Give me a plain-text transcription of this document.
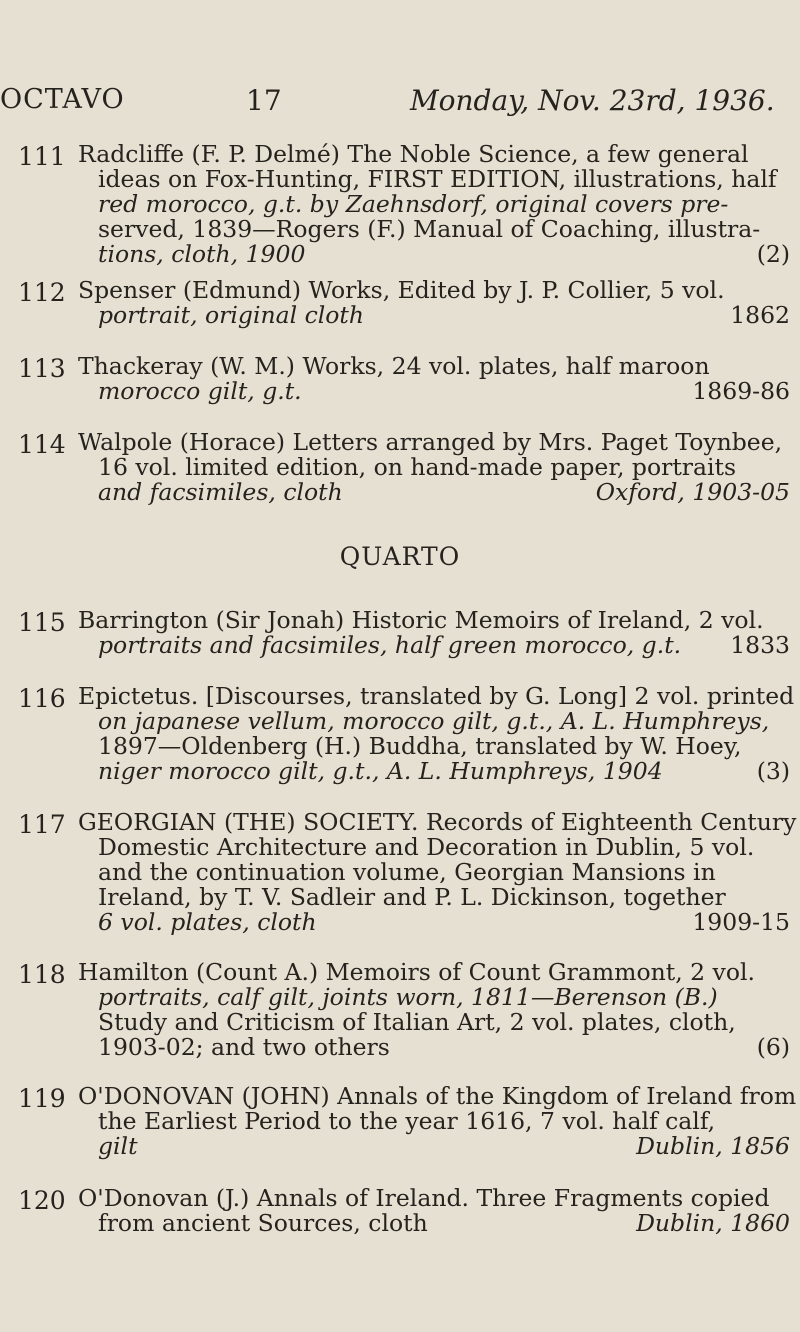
OCTAVO	17	Monday, Nov. 23rd, 1936.
111 Radcliffe (F. P. Delmé) The Noble Science, a few general
ideas on Fox-Hunting, FIRST EDITION, illustrations, half
red morocco, g.t. by Zaehnsdorf, original covers pre-
served, 1839—Rogers (F.) Manual of Coaching, illustra-
tions, cloth, 1900	(2)
112 Spenser (Edmund) Works, Edited by J. P. Collier, 5 vol.
portrait, original cloth	1862
113 Thackeray (W. M.) Works, 24 vol. plates, half maroon
morocco gilt, g.t.	1869-86
114 Walpole (Horace) Letters arranged by Mrs. Paget Toynbee,
16 vol. limited edition, on hand-made paper, portraits
and facsimiles, cloth	Oxford, 1903-05
QUARTO
115 Barrington (Sir Jonah) Historic Memoirs of Ireland, 2 vol.
portraits and facsimiles, half green morocco, g.t. 1833
116 Epictetus. [Discourses, translated by G. Long] 2 vol. printed
on japanese vellum, morocco gilt, g.t., A. L. Humphreys,
1897—Oldenberg (H.) Buddha, translated by W. Hoey,
niger morocco gilt, g.t., A. L. Humphreys, 1904	(3)
117 GEORGIAN (THE) SOCIETY. Records of Eighteenth Century
Domestic Architecture and Decoration in Dublin, 5 vol.
and the continuation volume, Georgian Mansions in
Ireland, by T. V. Sadleir and P. L. Dickinson, together
6 vol. plates, cloth	1909-15
118 Hamilton (Count A.) Memoirs of Count Grammont, 2 vol.
portraits, calf gilt, joints worn, 1811—Berenson (B.)
Study and Criticism of Italian Art, 2 vol. plates, cloth,
1903-02; and two others	(6)
119 O'DONOVAN (JOHN) Annals of the Kingdom of Ireland from
the Earliest Period to the year 1616, 7 vol. half calf,
gilt	Dublin, 1856
120 O'Donovan (J.) Annals of Ireland. Three Fragments copied
from ancient Sources, cloth	Dublin, 1860
